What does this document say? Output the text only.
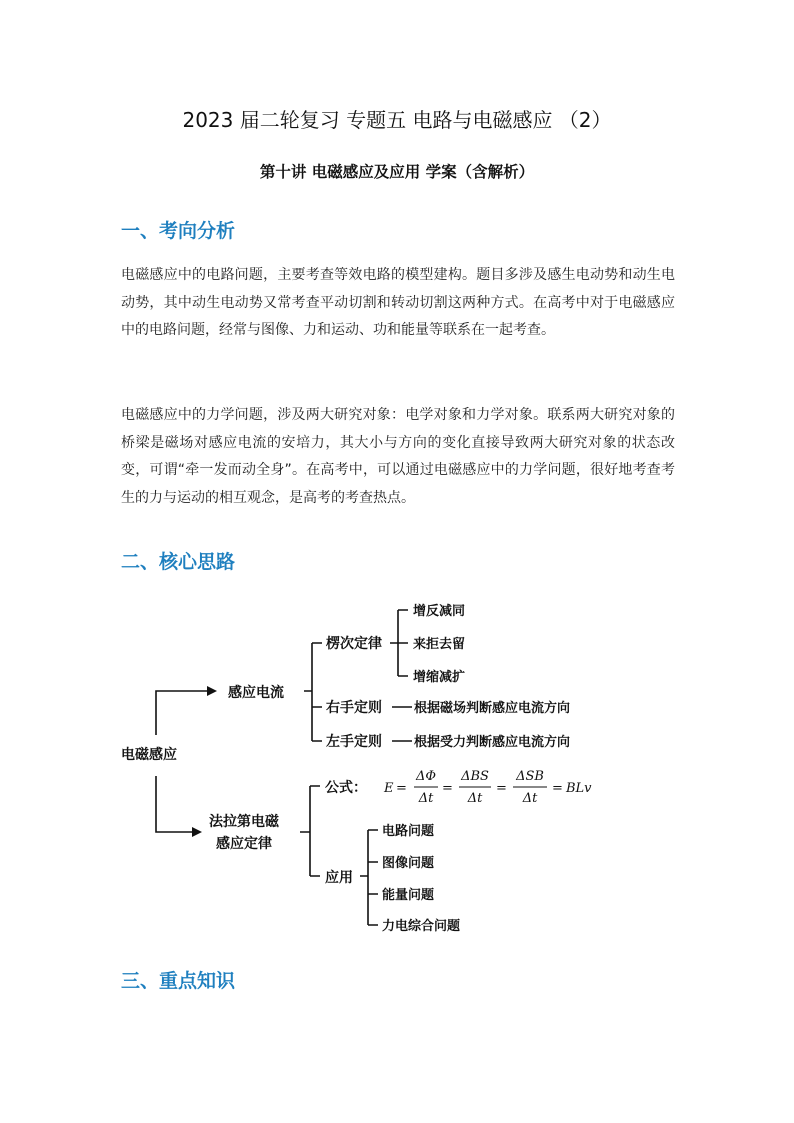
2023 届二轮复习 专题五 电路与电磁感应 （2）
第十讲 电磁感应及应用 学案（含解析）
一、考向分析
电磁感应中的电路问题，主要考查等效电路的模型建构。题目多涉及感生电动势和动生电动势，其中动生电动势又常考查平动切割和转动切割这两种方式。在高考中对于电磁感应中的电路问题，经常与图像、力和运动、功和能量等联系在一起考查。
电磁感应中的力学问题，涉及两大研究对象：电学对象和力学对象。联系两大研究对象的桥梁是磁场对感应电流的安培力，其大小与方向的变化直接导致两大研究对象的状态改变，可谓“牵一发而动全身”。在高考中，可以通过电磁感应中的力学问题，很好地考查考生的力与运动的相互观念，是高考的考查热点。
二、核心思路
电磁感应
感应电流
楞次定律
右手定则
左手定则
法拉第电磁
感应定律
公式：
应用
增反减同
来拒去留
增缩减扩
根据磁场判断感应电流方向
根据受力判断感应电流方向
电路问题
图像问题
能量问题
力电综合问题
E =
ΔΦ
Δt
=
ΔBS
Δt
=
ΔSB
Δt
= BLv
三、重点知识
